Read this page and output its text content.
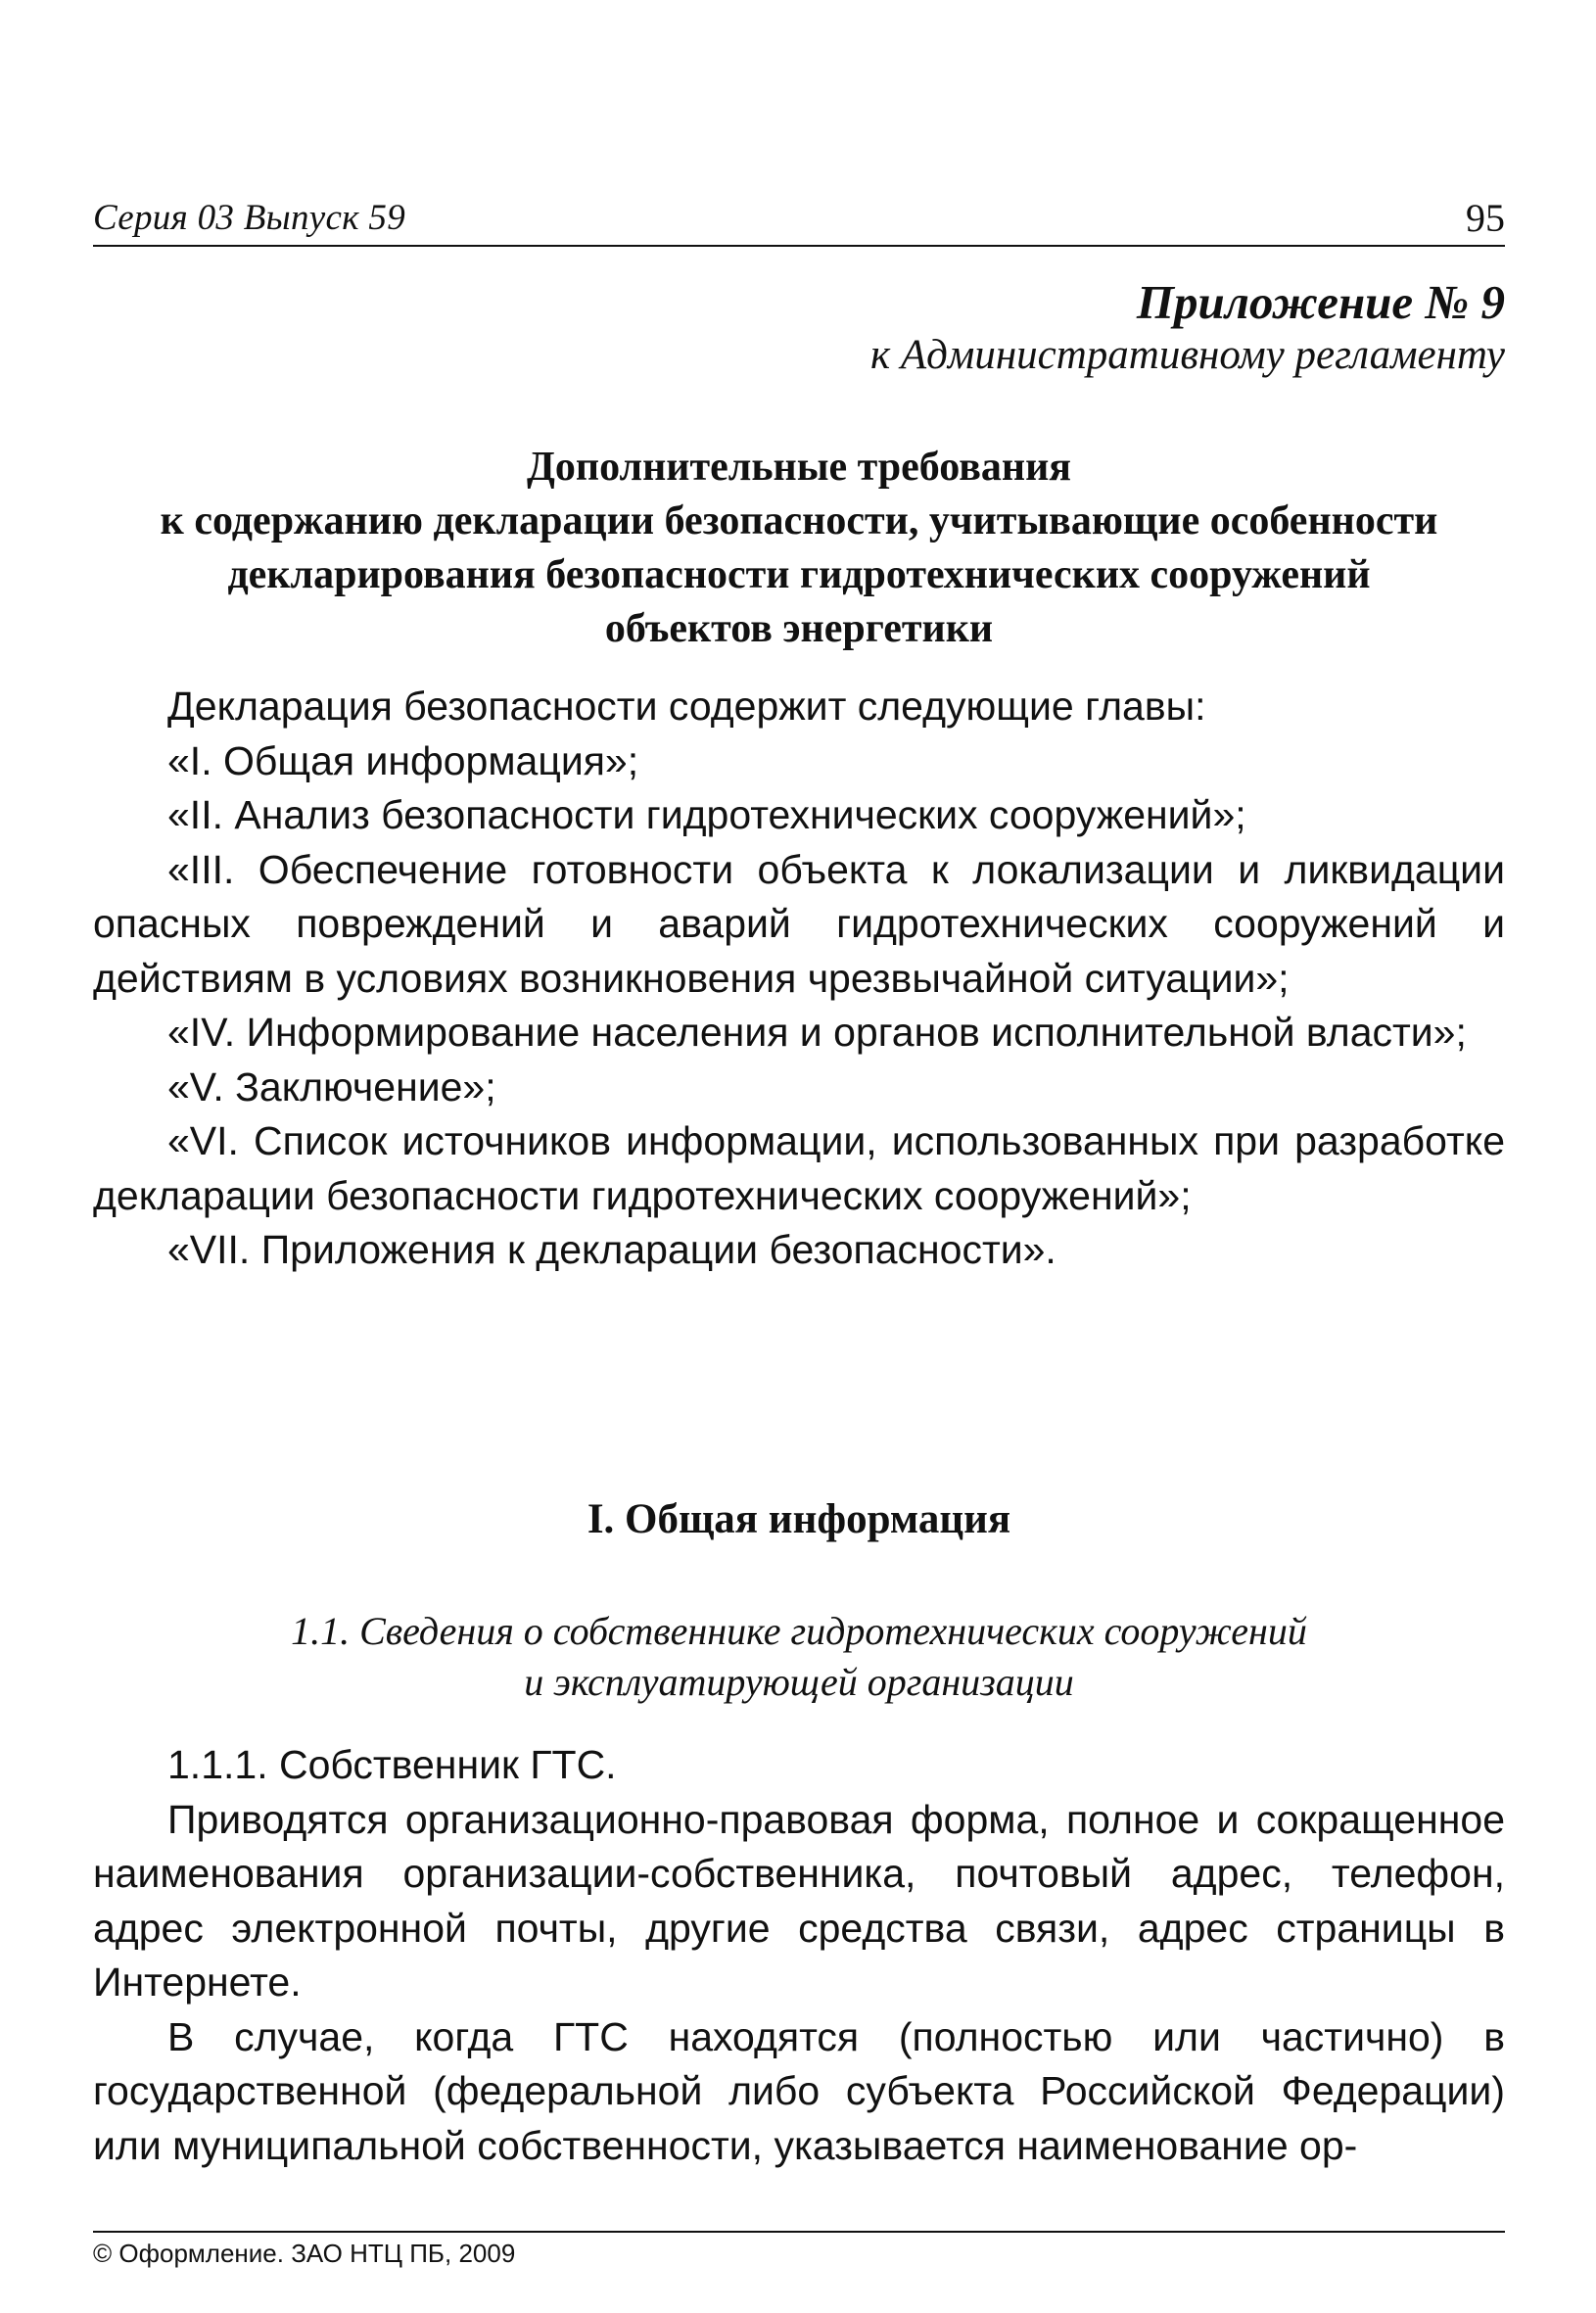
Серия 03 Выпуск 59	95
Приложение № 9
к Административному регламенту
Дополнительные требования
к содержанию декларации безопасности, учитывающие особенности
декларирования безопасности гидротехнических сооружений
объектов энергетики

Декларация безопасности содержит следующие главы:

«I. Общая информация»;

«II. Анализ безопасности гидротехнических сооружений»;

«III. Обеспечение готовности объекта к локализации и ликвидации опасных повреждений и аварий гидротехнических сооружений и действиям в условиях возникновения чрезвычайной ситуации»;

«IV. Информирование населения и органов исполнительной власти»;

«V. Заключение»;

«VI. Список источников информации, использованных при разработке декларации безопасности гидротехнических сооружений»;

«VII. Приложения к декларации безопасности».

I. Общая информация
1.1. Сведения о собственнике гидротехнических сооружений
и эксплуатирующей организации

1.1.1. Собственник ГТС.

Приводятся организационно-правовая форма, полное и сокращенное наименования организации-собственника, почтовый адрес, телефон, адрес электронной почты, другие средства связи, адрес страницы в Интернете.

В случае, когда ГТС находятся (полностью или частично) в государственной (федеральной либо субъекта Российской Федерации) или муниципальной собственности, указывается наименование ор-

© Оформление. ЗАО НТЦ ПБ, 2009
